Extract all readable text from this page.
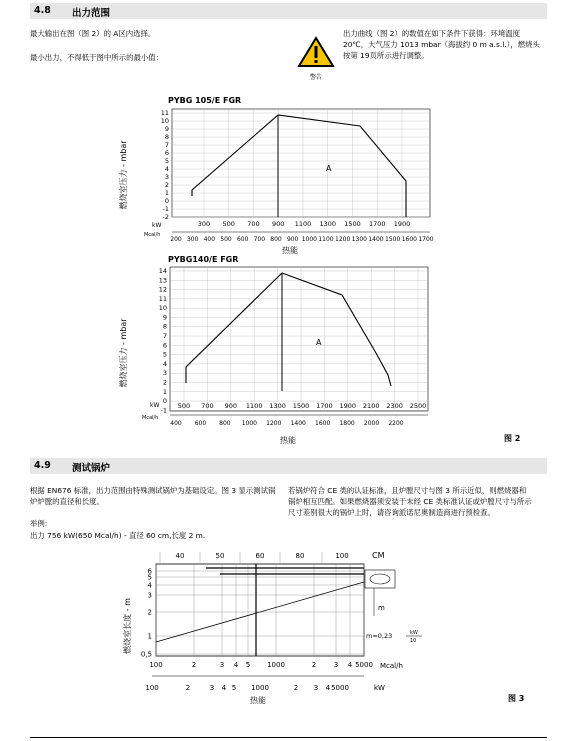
4.8 出力范围
最大输出在图（图 2）的 A区内选择。
最小出力，不得低于图中所示的最小值：
警告
出力曲线（图 2）的数值在如下条件下获得：环境温度 20℃，大气压力 1013 mbar（海拔约 0 m a.s.l.），燃烧头按第 19页所示进行调整。
PYBG 105/E FGR
燃烧室压力 - mbar
11
10
9
8
7
6
5
4
3
2
1
0
-1
-2
A
kW	300 500 700 900 1100 1300 1500 1700 1900
Mcal/h
200 300 400 500 600 700 800 900 1000 1100 1200 1300 1400 1500 1600 1700
热能
PYBG140/E FGR
燃烧室压力 - mbar
14
13
12
11
10
9
8
7
6
5
4
3
2
1
0
-1
A
kW	500 700 900 1100 1300 1500 1700 1900 2100 2300 2500
Mcal/h
400 600 800 1000 1200 1400 1600 1800 2000 2200
热能	图 2
4.9 测试锅炉
根据 EN676 标准，出力范围由特殊测试锅炉为基础设定。图 3 显示测试锅炉炉膛的直径和长度。
举例:
出力 756 kW(650 Mcal/h) - 直径 60 cm,长度 2 m.
若锅炉符合 CE 类的认证标准，且炉膛尺寸与图 3 所示近似，则燃烧器和锅炉相互匹配。如果燃烧器须安装于未经 CE 类标准认证或炉膛尺寸与所示尺寸差别很大的锅炉上时，请咨询派诺尼奥制造商进行预检查。
燃烧室长度 - m
40	50	60	80	100	CM
6
5
4
3
2
1
0,5
m
m=0,23	kW
10
100	2	3 4 5 1000	2	3 4 5000 Mcal/h
100	2	3 4 5 1000	2 3 4 5000	kW
热能	图 3
